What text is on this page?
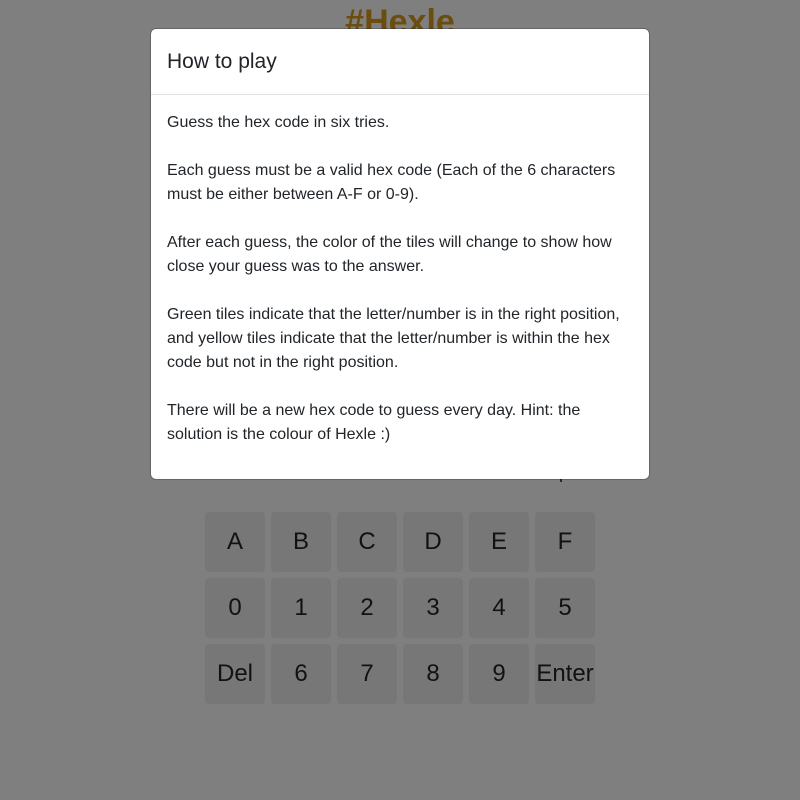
How to play

Guess the hex code in six tries.

Each guess must be a valid hex code (Each of the 6 characters must be either between A-F or 0-9).

After each guess, the color of the tiles will change to show how close your guess was to the answer.

Green tiles indicate that the letter/number is in the right position, and yellow tiles indicate that the letter/number is within the hex code but not in the right position.

There will be a new hex code to guess every day. Hint: the solution is the colour of Hexle :)
